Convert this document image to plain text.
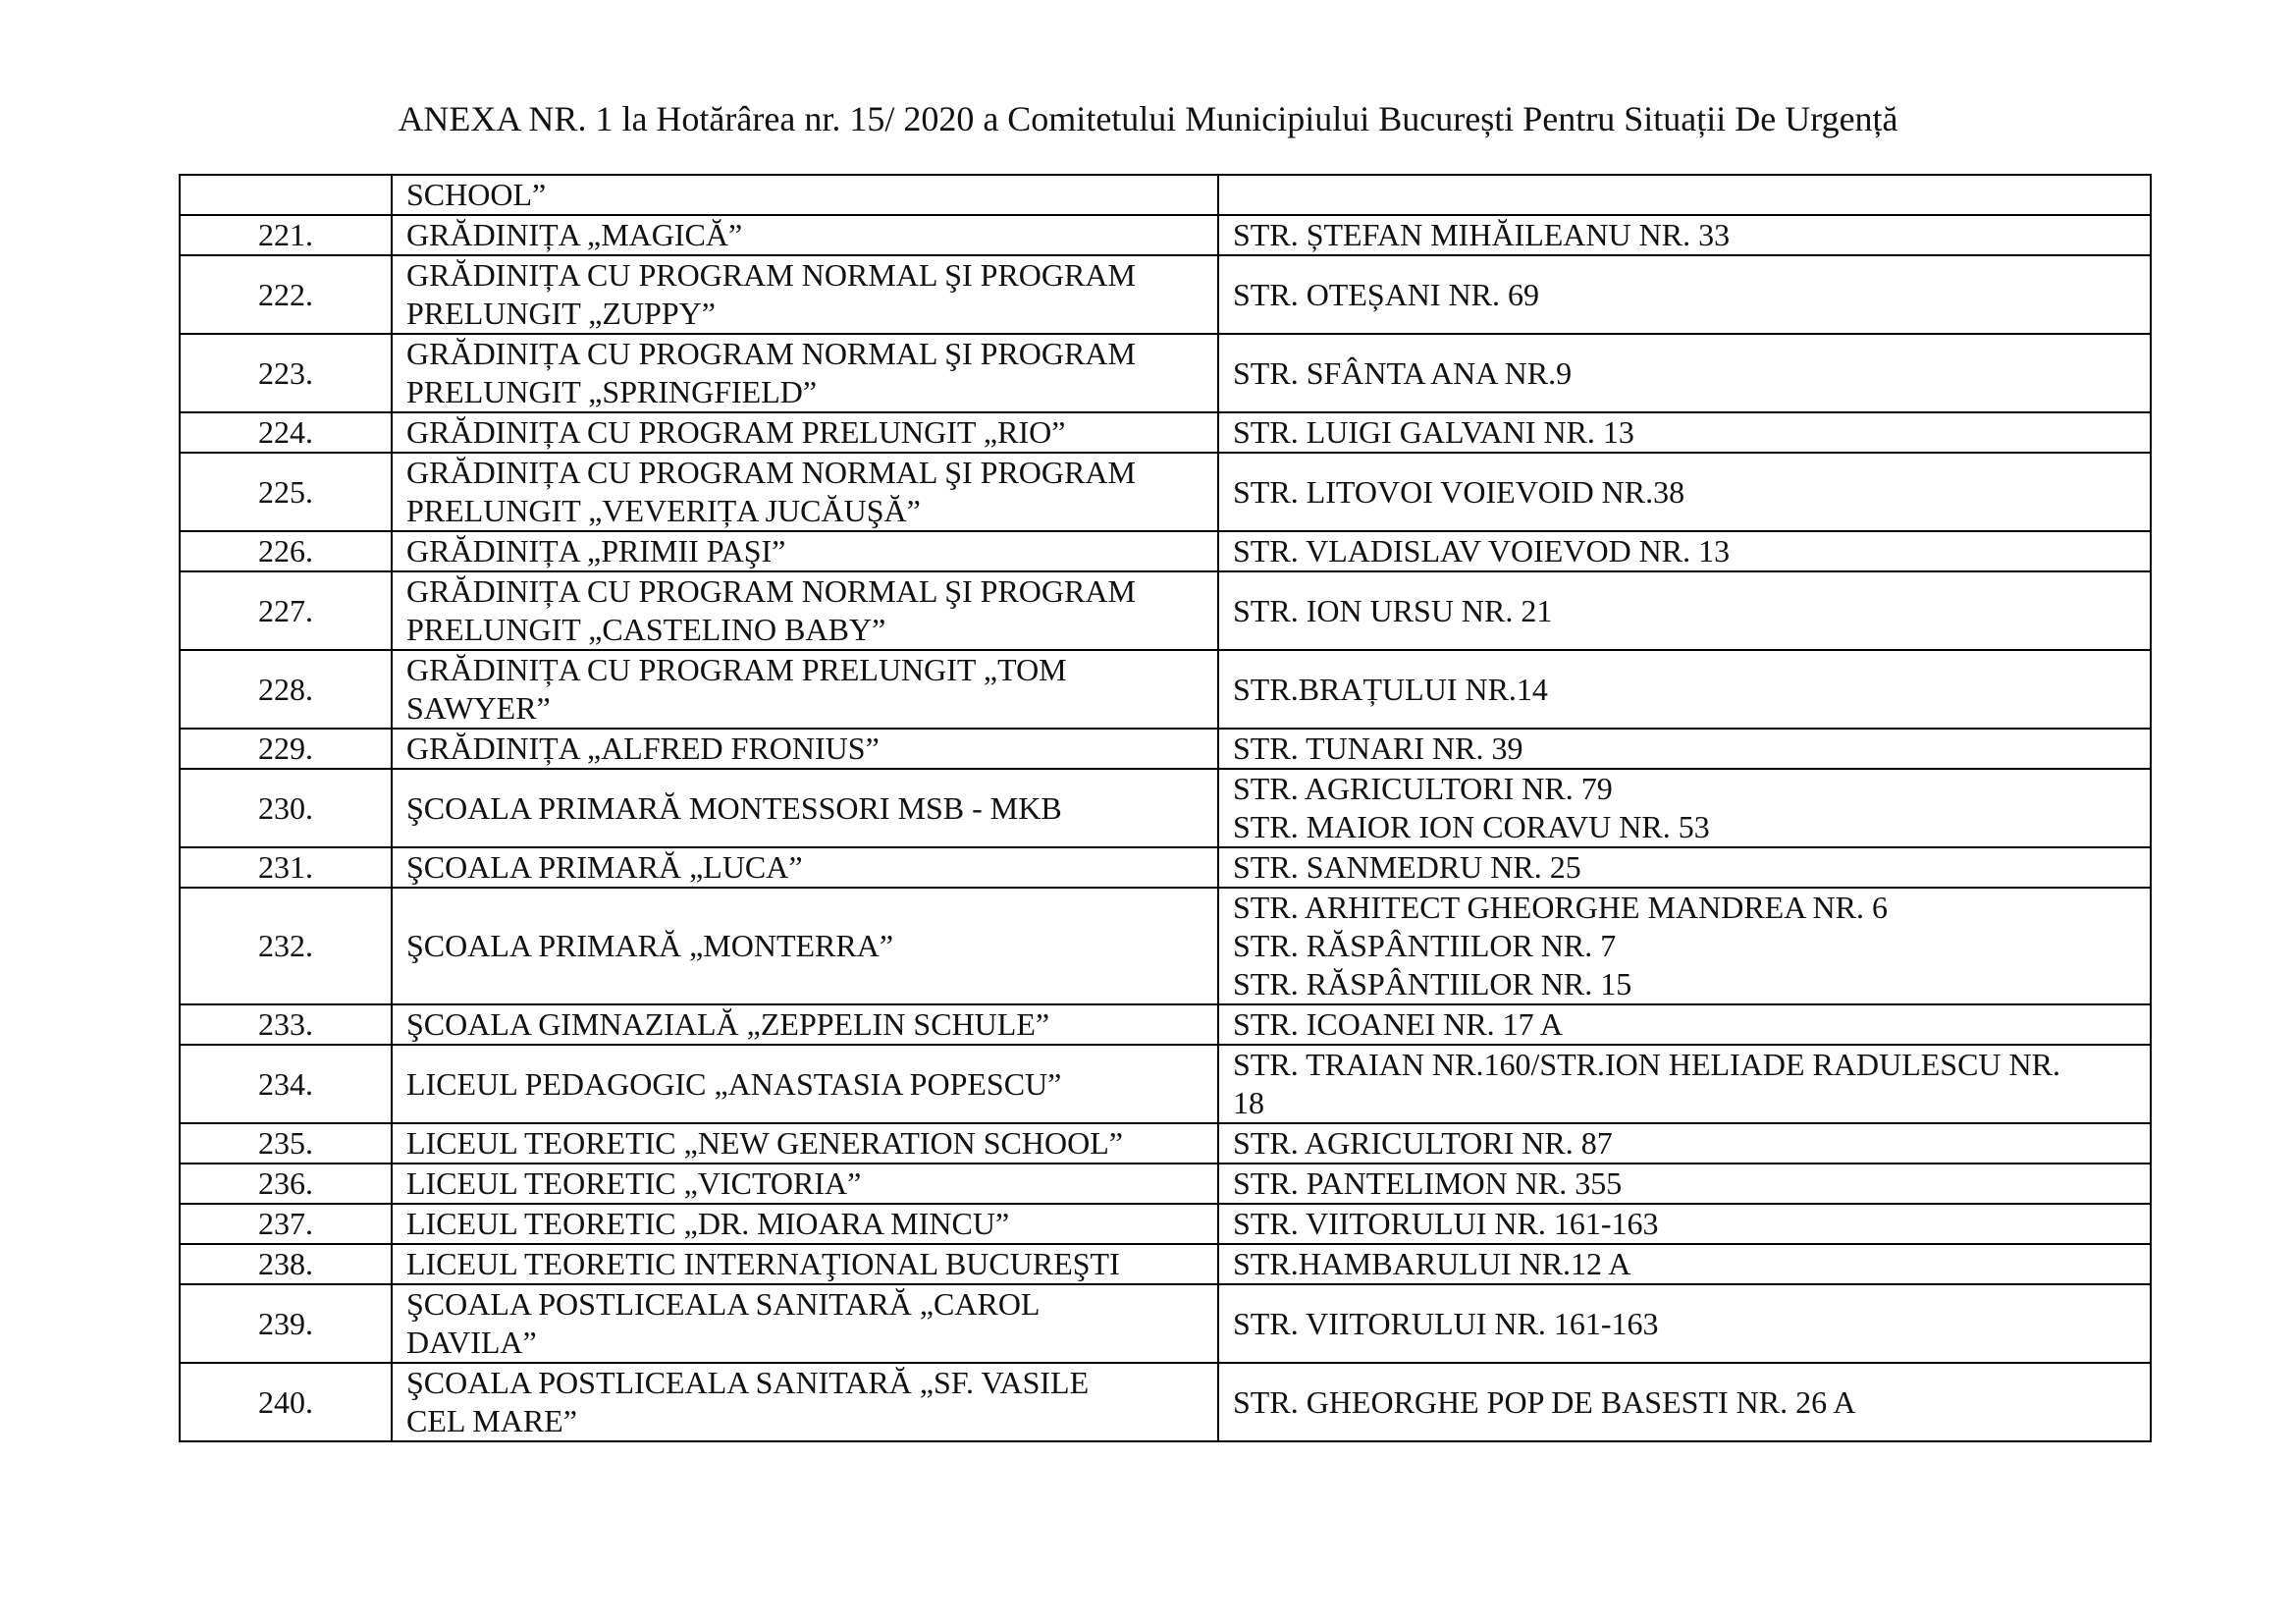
ANEXA NR. 1 la Hotărârea nr. 15/ 2020 a Comitetului Municipiului București Pentru Situații De Urgență

	SCHOOL”	

221.	GRĂDINIȚA „MAGICĂ”	STR. ȘTEFAN MIHĂILEANU NR. 33

222.	GRĂDINIȚA CU PROGRAM NORMAL ŞI PROGRAM
PRELUNGIT „ZUPPY”	STR. OTEȘANI NR. 69

223.	GRĂDINIȚA CU PROGRAM NORMAL ŞI PROGRAM
PRELUNGIT „SPRINGFIELD”	STR. SFÂNTA ANA NR.9

224.	GRĂDINIȚA CU PROGRAM PRELUNGIT „RIO”	STR. LUIGI GALVANI NR. 13

225.	GRĂDINIȚA CU PROGRAM NORMAL ŞI PROGRAM
PRELUNGIT „VEVERIȚA JUCĂUŞĂ”	STR. LITOVOI VOIEVOID NR.38

226.	GRĂDINIȚA „PRIMII PAŞI”	STR. VLADISLAV VOIEVOD NR. 13

227.	GRĂDINIȚA CU PROGRAM NORMAL ŞI PROGRAM
PRELUNGIT „CASTELINO BABY”	STR. ION URSU NR. 21

228.	GRĂDINIȚA CU PROGRAM PRELUNGIT „TOM
SAWYER”	STR.BRAȚULUI NR.14

229.	GRĂDINIȚA „ALFRED FRONIUS”	STR. TUNARI NR. 39

230.	ŞCOALA PRIMARĂ MONTESSORI MSB - MKB	STR. AGRICULTORI NR. 79
STR. MAIOR ION CORAVU NR. 53

231.	ŞCOALA PRIMARĂ „LUCA”	STR. SANMEDRU NR. 25

232.	ŞCOALA PRIMARĂ „MONTERRA”	STR. ARHITECT GHEORGHE MANDREA NR. 6
STR. RĂSPÂNTIILOR NR. 7
STR. RĂSPÂNTIILOR NR. 15

233.	ŞCOALA GIMNAZIALĂ „ZEPPELIN SCHULE”	STR. ICOANEI NR. 17 A

234.	LICEUL PEDAGOGIC „ANASTASIA POPESCU”	STR. TRAIAN NR.160/STR.ION HELIADE RADULESCU NR.
18

235.	LICEUL TEORETIC „NEW GENERATION SCHOOL”	STR. AGRICULTORI NR. 87

236.	LICEUL TEORETIC „VICTORIA”	STR. PANTELIMON NR. 355

237.	LICEUL TEORETIC „DR. MIOARA MINCU”	STR. VIITORULUI NR. 161-163

238.	LICEUL TEORETIC INTERNAŢIONAL BUCUREŞTI	STR.HAMBARULUI NR.12 A

239.	ŞCOALA POSTLICEALA SANITARĂ „CAROL
DAVILA”	STR. VIITORULUI NR. 161-163

240.	ŞCOALA POSTLICEALA SANITARĂ „SF. VASILE
CEL MARE”	STR. GHEORGHE POP DE BASESTI NR. 26 A
